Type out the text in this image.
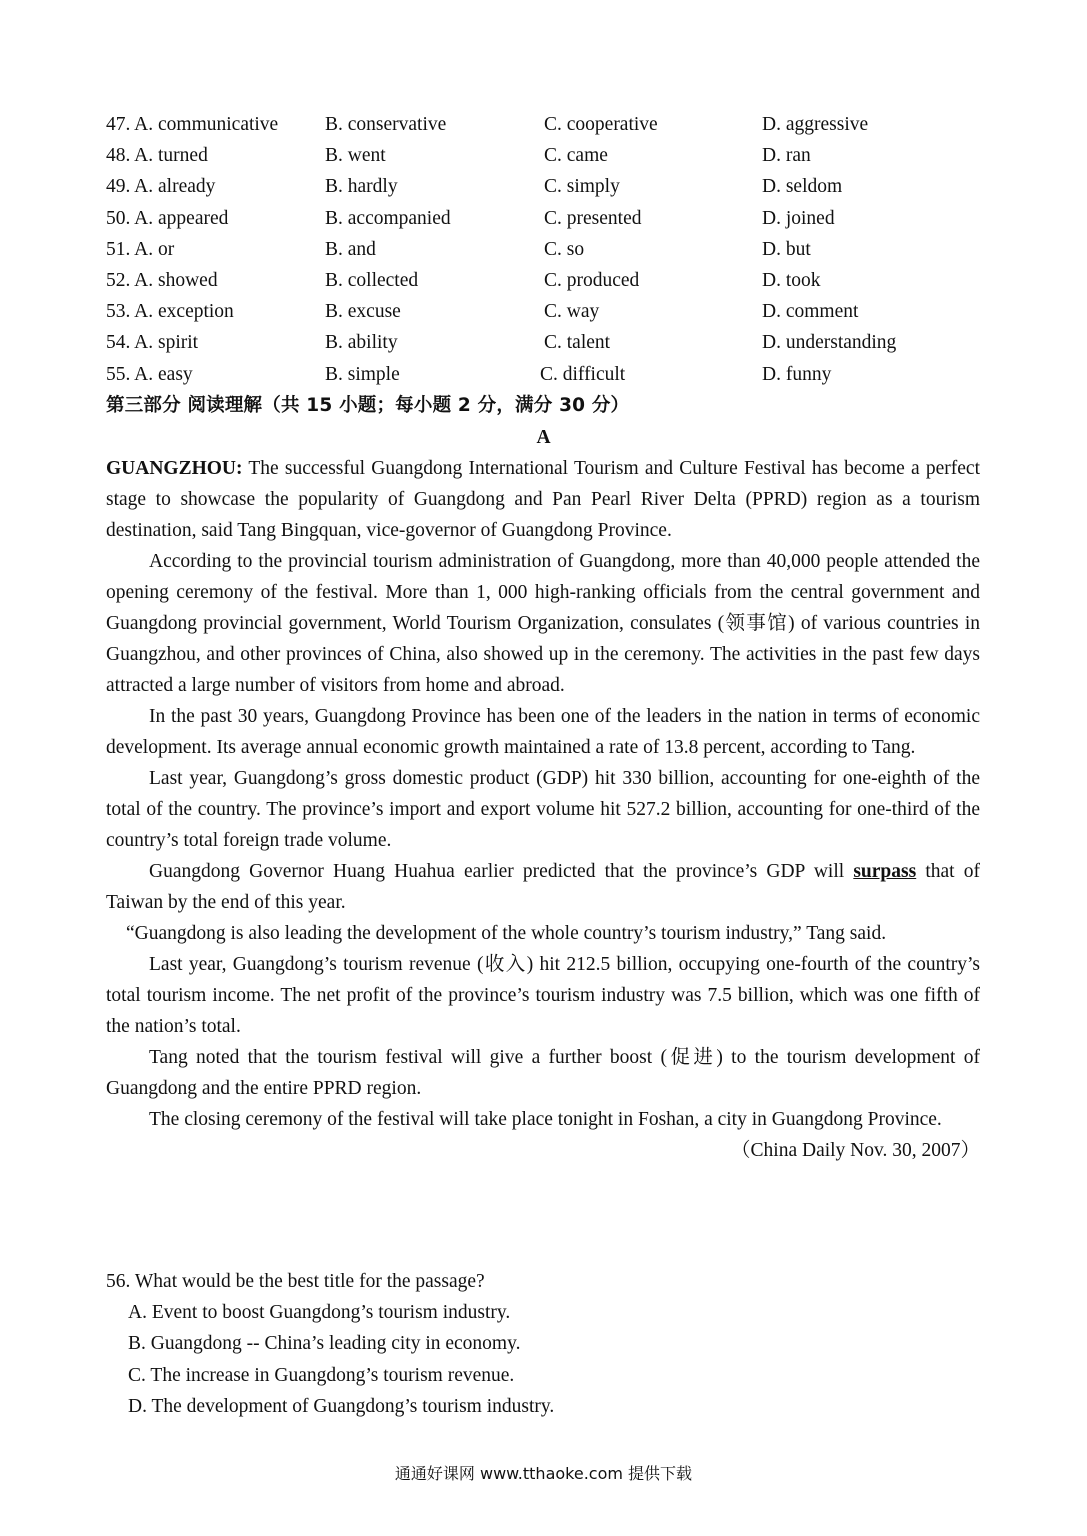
47. A. communicative B. conservative	C. cooperative	D. aggressive
48. A. turned	B. went	C. came	D. ran
49. A. already	B. hardly	C. simply	D. seldom
50. A. appeared	B. accompanied	C. presented	D. joined
51. A. or	B. and	C. so	D. but
52. A. showed	B. collected	C. produced	D. took
53. A. exception	B. excuse	C. way	D. comment
54. A. spirit	B. ability	C. talent	D. understanding
55. A. easy	B. simple	C. difficult	D. funny
第三部分 阅读理解（共 15 小题；每小题 2 分，满分 30 分）
A

GUANGZHOU: The successful Guangdong International Tourism and Culture Festival has become a perfect stage to showcase the popularity of Guangdong and Pan Pearl River Delta (PPRD) region as a tourism destination, said Tang Bingquan, vice-governor of Guangdong Province.

According to the provincial tourism administration of Guangdong, more than 40,000 people attended the opening ceremony of the festival. More than 1, 000 high-ranking officials from the central government and Guangdong provincial government, World Tourism Organization, consulates (领事馆) of various countries in Guangzhou, and other provinces of China, also showed up in the ceremony. The activities in the past few days attracted a large number of visitors from home and abroad.

In the past 30 years, Guangdong Province has been one of the leaders in the nation in terms of economic development. Its average annual economic growth maintained a rate of 13.8 percent, according to Tang.

Last year, Guangdong’s gross domestic product (GDP) hit 330 billion, accounting for one-eighth of the total of the country. The province’s import and export volume hit 527.2 billion, accounting for one-third of the country’s total foreign trade volume.

Guangdong Governor Huang Huahua earlier predicted that the province’s GDP will surpass that of Taiwan by the end of this year.

“Guangdong is also leading the development of the whole country’s tourism industry,” Tang said.

Last year, Guangdong’s tourism revenue (收入) hit 212.5 billion, occupying one-fourth of the country’s total tourism income. The net profit of the province’s tourism industry was 7.5 billion, which was one fifth of the nation’s total.

Tang noted that the tourism festival will give a further boost (促进) to the tourism development of Guangdong and the entire PPRD region.

The closing ceremony of the festival will take place tonight in Foshan, a city in Guangdong Province.
（China Daily Nov. 30, 2007）

56. What would be the best title for the passage?
A. Event to boost Guangdong’s tourism industry.
B. Guangdong -- China’s leading city in economy.
C. The increase in Guangdong’s tourism revenue.
D. The development of Guangdong’s tourism industry.
通通好课网 www.tthaoke.com 提供下载
